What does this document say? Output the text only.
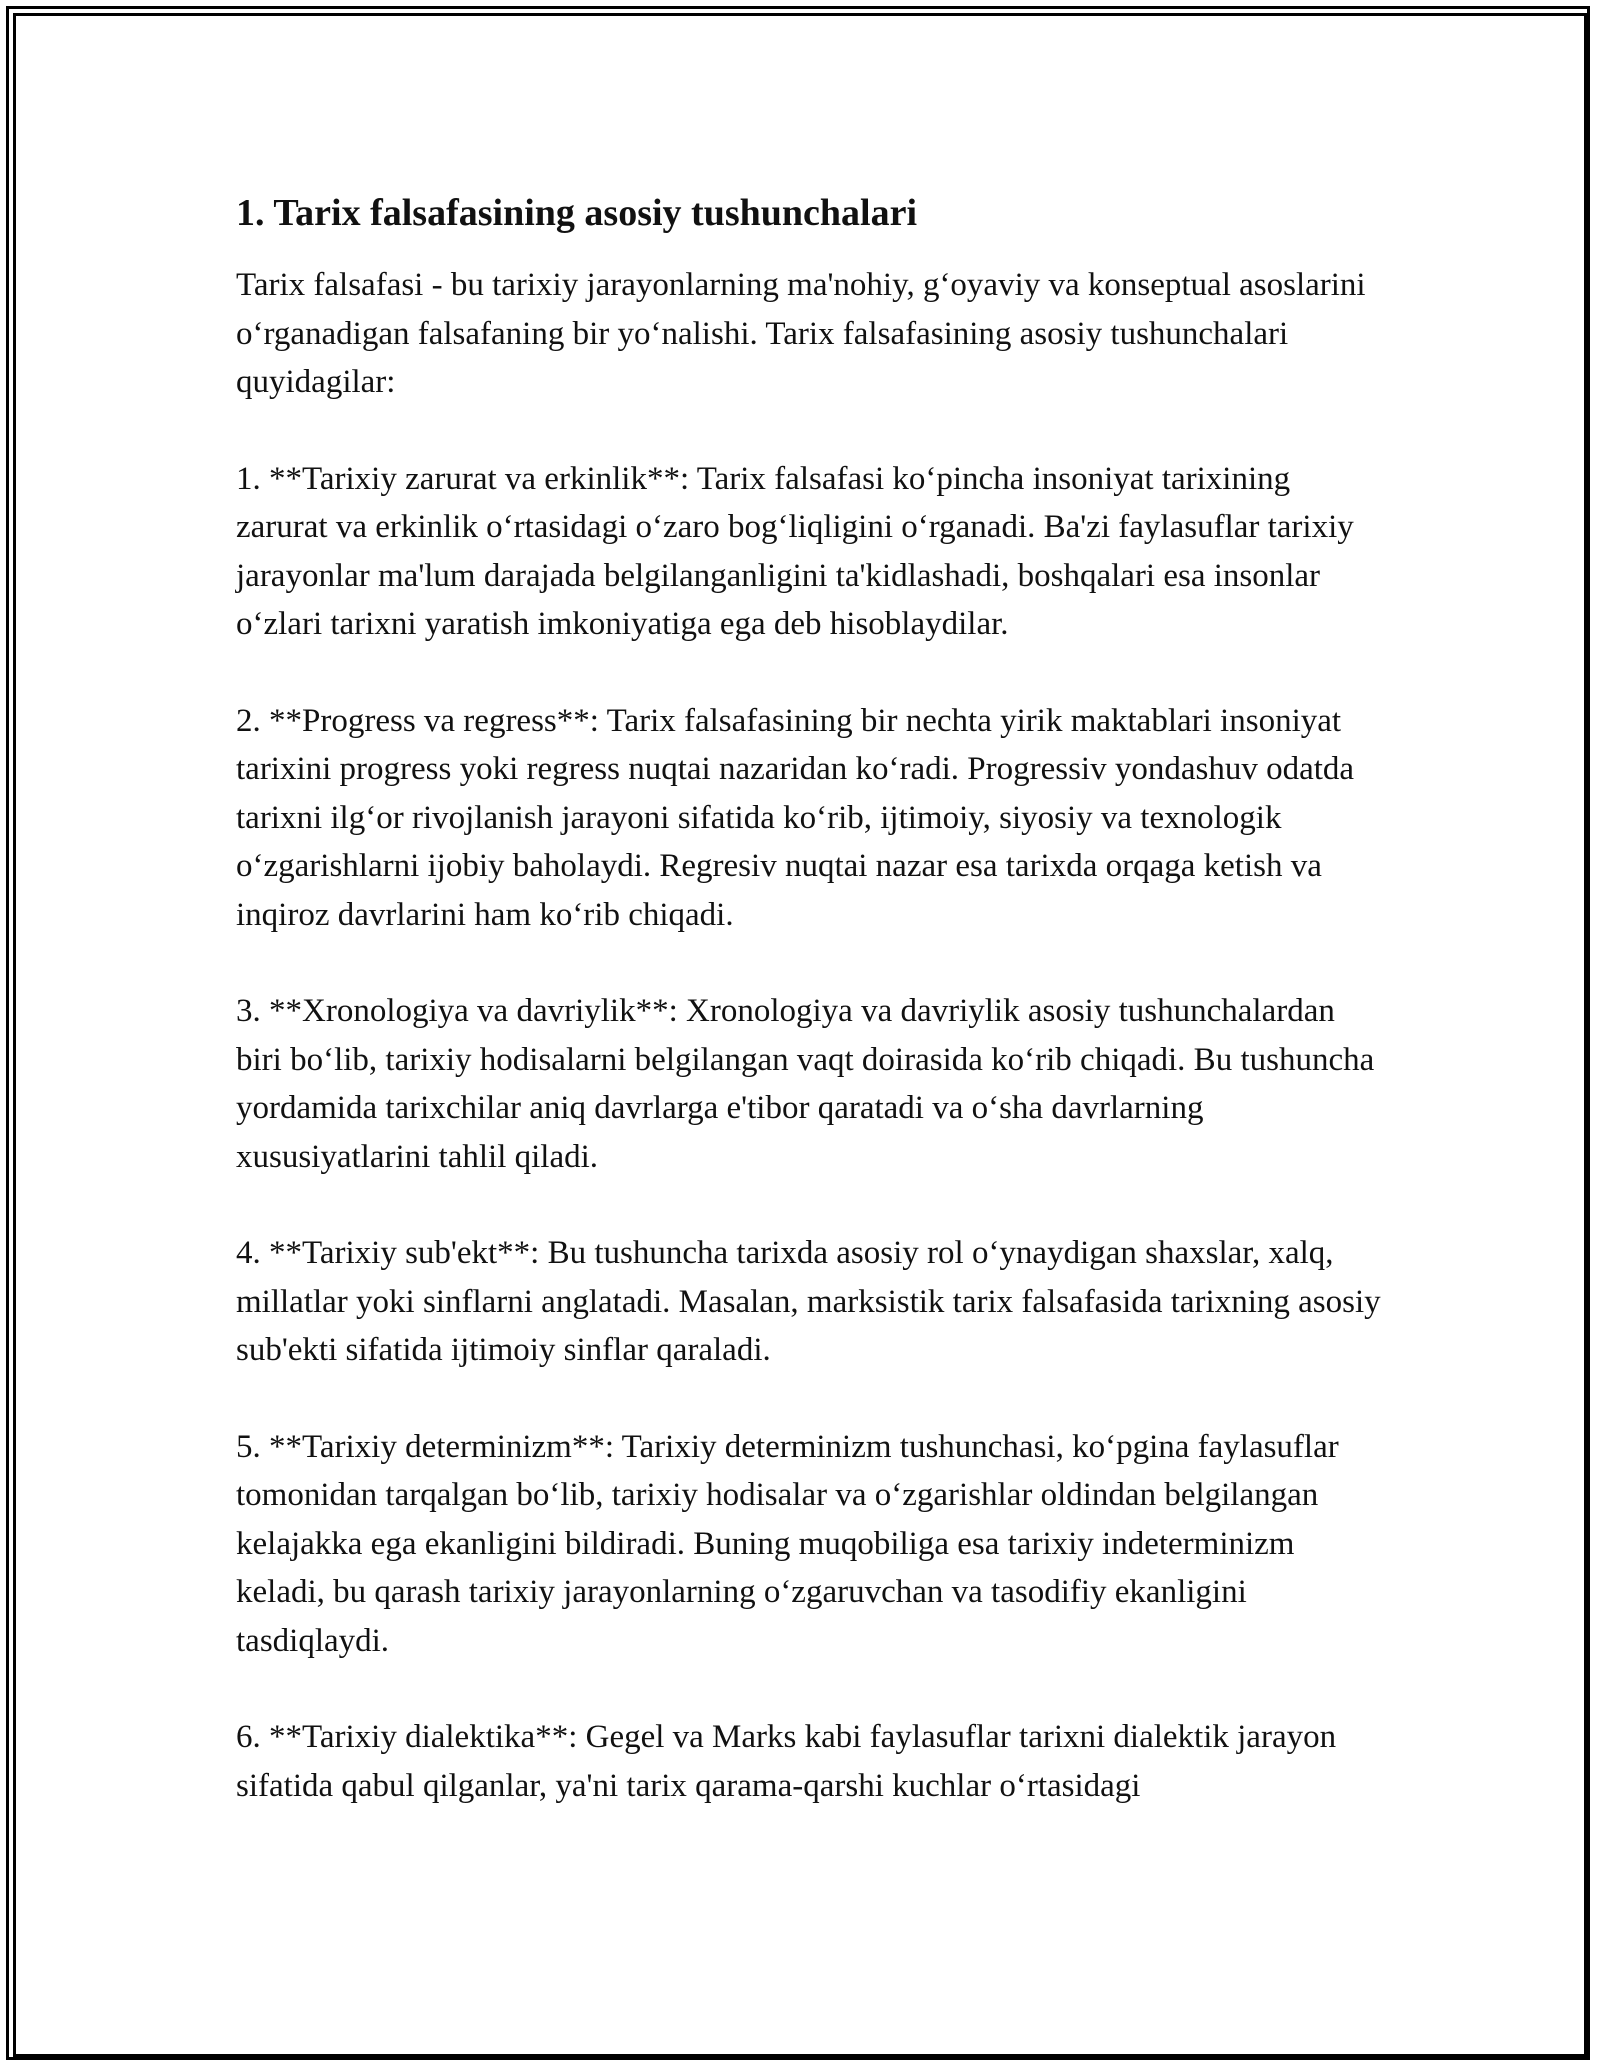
1. Tarix falsafasining asosiy tushunchalari

Tarix falsafasi - bu tarixiy jarayonlarning ma'nohiy, g‘oyaviy va konseptual asoslarini o‘rganadigan falsafaning bir yo‘nalishi. Tarix falsafasining asosiy tushunchalari quyidagilar:

1. **Tarixiy zarurat va erkinlik**: Tarix falsafasi ko‘pincha insoniyat tarixining zarurat va erkinlik o‘rtasidagi o‘zaro bog‘liqligini o‘rganadi. Ba'zi faylasuflar tarixiy jarayonlar ma'lum darajada belgilanganligini ta'kidlashadi, boshqalari esa insonlar o‘zlari tarixni yaratish imkoniyatiga ega deb hisoblaydilar.

2. **Progress va regress**: Tarix falsafasining bir nechta yirik maktablari insoniyat tarixini progress yoki regress nuqtai nazaridan ko‘radi. Progressiv yondashuv odatda tarixni ilg‘or rivojlanish jarayoni sifatida ko‘rib, ijtimoiy, siyosiy va texnologik o‘zgarishlarni ijobiy baholaydi. Regresiv nuqtai nazar esa tarixda orqaga ketish va inqiroz davrlarini ham ko‘rib chiqadi.

3. **Xronologiya va davriylik**: Xronologiya va davriylik asosiy tushunchalardan biri bo‘lib, tarixiy hodisalarni belgilangan vaqt doirasida ko‘rib chiqadi. Bu tushuncha yordamida tarixchilar aniq davrlarga e'tibor qaratadi va o‘sha davrlarning xususiyatlarini tahlil qiladi.

4. **Tarixiy sub'ekt**: Bu tushuncha tarixda asosiy rol o‘ynaydigan shaxslar, xalq, millatlar yoki sinflarni anglatadi. Masalan, marksistik tarix falsafasida tarixning asosiy sub'ekti sifatida ijtimoiy sinflar qaraladi.

5. **Tarixiy determinizm**: Tarixiy determinizm tushunchasi, ko‘pgina faylasuflar tomonidan tarqalgan bo‘lib, tarixiy hodisalar va o‘zgarishlar oldindan belgilangan kelajakka ega ekanligini bildiradi. Buning muqobiliga esa tarixiy indeterminizm keladi, bu qarash tarixiy jarayonlarning o‘zgaruvchan va tasodifiy ekanligini tasdiqlaydi.

6. **Tarixiy dialektika**: Gegel va Marks kabi faylasuflar tarixni dialektik jarayon sifatida qabul qilganlar, ya'ni tarix qarama-qarshi kuchlar o‘rtasidagi
